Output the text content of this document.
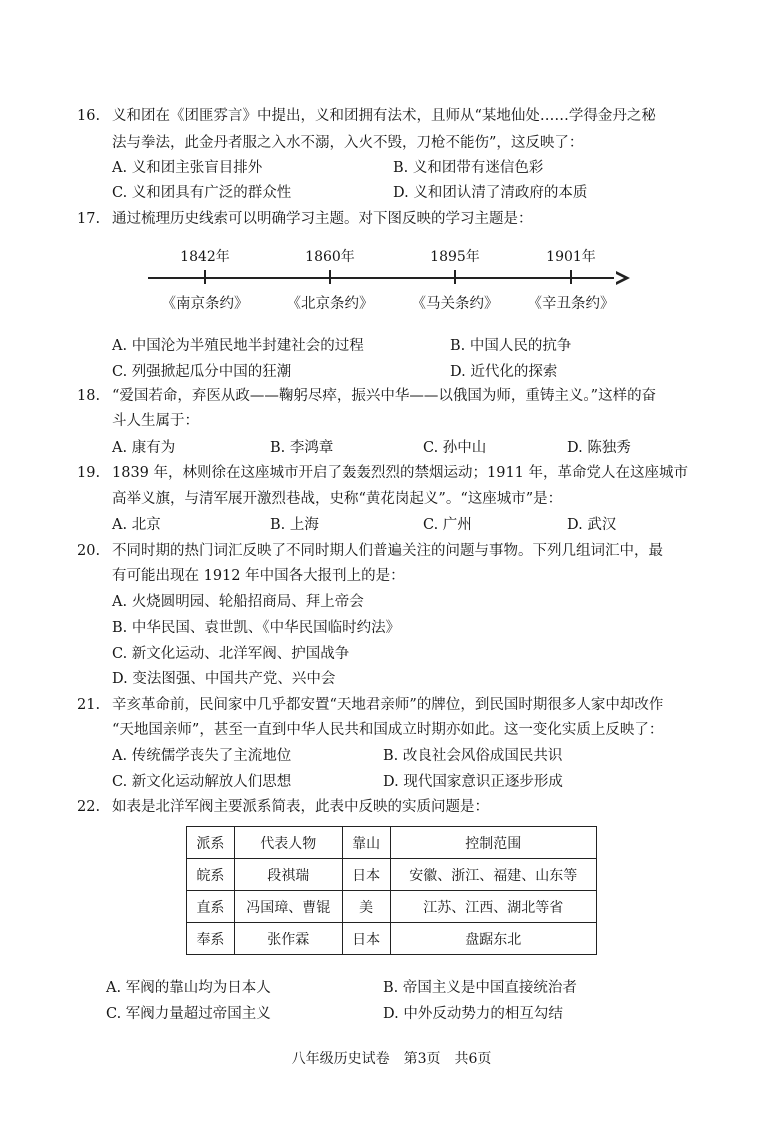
16. 义和团在《团匪雰言》中提出，义和团拥有法术，且师从“某地仙处……学得金丹之秘
法与拳法，此金丹者服之入水不溺，入火不毁，刀枪不能伤”，这反映了：
A. 义和团主张盲目排外	B. 义和团带有迷信色彩
C. 义和团具有广泛的群众性	D. 义和团认清了清政府的本质
17. 通过梳理历史线索可以明确学习主题。对下图反映的学习主题是：
1842年
《南京条约》
1860年
《北京条约》
1895年
《马关条约》
1901年
《辛丑条约》
A. 中国沦为半殖民地半封建社会的过程	B. 中国人民的抗争
C. 列强掀起瓜分中国的狂潮	D. 近代化的探索
18. “爱国若命，弃医从政——鞠躬尽瘁，振兴中华——以俄国为师，重铸主义。”这样的奋
斗人生属于：
A. 康有为	B. 李鸿章	C. 孙中山	D. 陈独秀
19. 1839 年，林则徐在这座城市开启了轰轰烈烈的禁烟运动；1911 年，革命党人在这座城市
高举义旗，与清军展开激烈巷战，史称“黄花岗起义”。“这座城市”是：
A. 北京	B. 上海	C. 广州	D. 武汉
20. 不同时期的热门词汇反映了不同时期人们普遍关注的问题与事物。下列几组词汇中，最
有可能出现在 1912 年中国各大报刊上的是：
A. 火烧圆明园、轮船招商局、拜上帝会
B. 中华民国、袁世凯、《中华民国临时约法》
C. 新文化运动、北洋军阀、护国战争
D. 变法图强、中国共产党、兴中会
21. 辛亥革命前，民间家中几乎都安置“天地君亲师”的牌位，到民国时期很多人家中却改作
“天地国亲师”，甚至一直到中华人民共和国成立时期亦如此。这一变化实质上反映了：
A. 传统儒学丧失了主流地位	B. 改良社会风俗成国民共识
C. 新文化运动解放人们思想	D. 现代国家意识正逐步形成
22. 如表是北洋军阀主要派系简表，此表中反映的实质问题是：
派系	代表人物	靠山	控制范围
皖系	段祺瑞	日本	安徽、浙江、福建、山东等
直系	冯国璋、曹锟	美	江苏、江西、湖北等省
奉系	张作霖	日本	盘踞东北
A. 军阀的靠山均为日本人	B. 帝国主义是中国直接统治者
C. 军阀力量超过帝国主义	D. 中外反动势力的相互勾结
八年级历史试卷　第3页　共6页
